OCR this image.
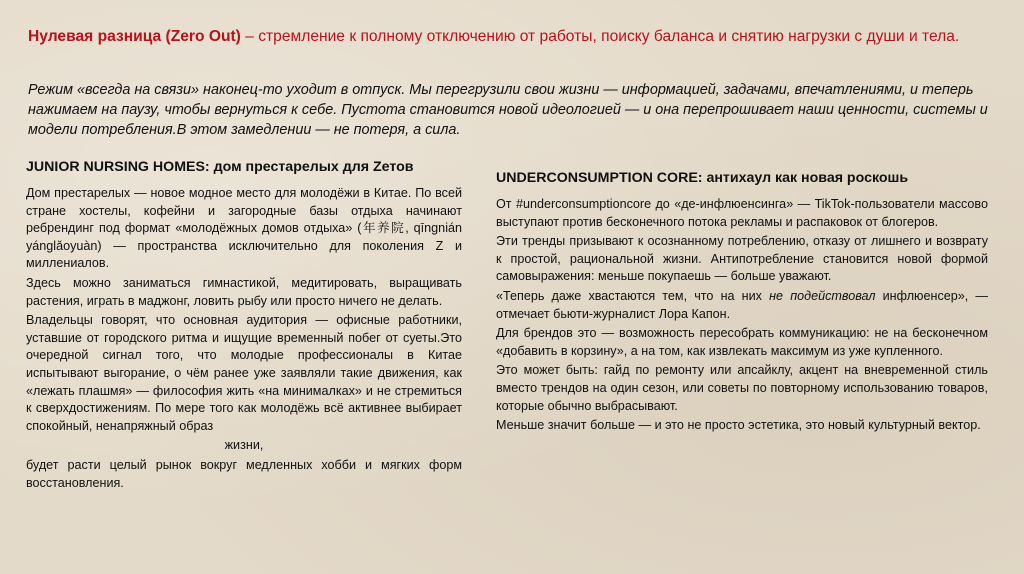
Нулевая разница (Zero Out) – стремление к полному отключению от работы, поиску баланса и снятию нагрузки с души и тела.
Режим «всегда на связи» наконец-то уходит в отпуск. Мы перегрузили свои жизни — информацией, задачами, впечатлениями, и теперь нажимаем на паузу, чтобы вернуться к себе. Пустота становится новой идеологией — и она перепрошивает наши ценности, системы и модели потребления.В этом замедлении — не потеря, а сила.
JUNIOR NURSING HOMES: дом престарелых для Zетов

Дом престарелых — новое модное место для молодёжи в Китае. По всей стране хостелы, кофейни и загородные базы отдыха начинают ребрендинг под формат «молодёжных домов отдыха» (年养院, qīngnián yánglǎoyuàn) — пространства исключительно для поколения Z и миллениалов.

Здесь можно заниматься гимнастикой, медитировать, выращивать растения, играть в маджонг, ловить рыбу или просто ничего не делать.

Владельцы говорят, что основная аудитория — офисные работники, уставшие от городского ритма и ищущие временный побег от суеты.Это очередной сигнал того, что молодые профессионалы в Китае испытывают выгорание, о чём ранее уже заявляли такие движения, как «лежать плашмя» — философия жить «на минималках» и не стремиться к сверхдостижениям. По мере того как молодёжь всё активнее выбирает спокойный, ненапряжный образ

жизни,

будет расти целый рынок вокруг медленных хобби и мягких форм восстановления.

UNDERCONSUMPTION CORE: антихаул как новая роскошь

От #underconsumptioncore до «де-инфлюенсинга» — TikTok-пользователи массово выступают против бесконечного потока рекламы и распаковок от блогеров.

Эти тренды призывают к осознанному потреблению, отказу от лишнего и возврату к простой, рациональной жизни. Антипотребление становится новой формой самовыражения: меньше покупаешь — больше уважают.

«Теперь даже хвастаются тем, что на них не подействовал инфлюенсер», — отмечает бьюти-журналист Лора Капон.

Для брендов это — возможность пересобрать коммуникацию: не на бесконечном «добавить в корзину», а на том, как извлекать максимум из уже купленного.

Это может быть: гайд по ремонту или апсайклу, акцент на вневременной стиль вместо трендов на один сезон, или советы по повторному использованию товаров, которые обычно выбрасывают.

Меньше значит больше — и это не просто эстетика, это новый культурный вектор.
